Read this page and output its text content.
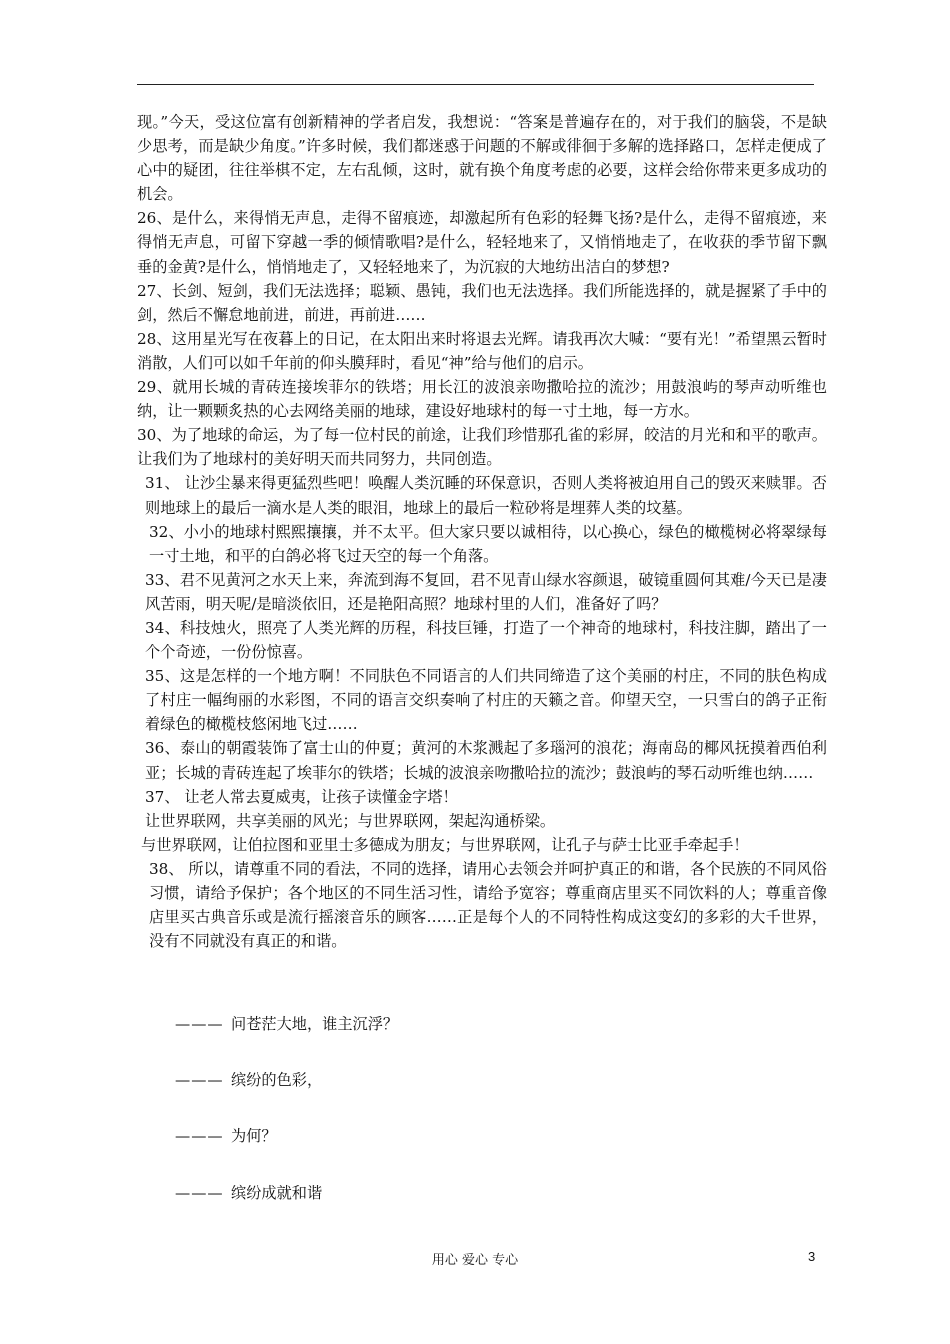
现。”今天，受这位富有创新精神的学者启发，我想说：“答案是普遍存在的，对于我们的脑袋，不是缺少思考，而是缺少角度。”许多时候，我们都迷惑于问题的不解或徘徊于多解的选择路口，怎样走便成了心中的疑团，往往举棋不定，左右乱倾，这时，就有换个角度考虑的必要，这样会给你带来更多成功的机会。

26、是什么，来得悄无声息，走得不留痕迹，却激起所有色彩的轻舞飞扬?是什么，走得不留痕迹，来得悄无声息，可留下穿越一季的倾情歌唱?是什么，轻轻地来了，又悄悄地走了，在收获的季节留下飘垂的金黄?是什么，悄悄地走了，又轻轻地来了，为沉寂的大地纺出洁白的梦想?

27、长剑、短剑，我们无法选择；聪颖、愚钝，我们也无法选择。我们所能选择的，就是握紧了手中的剑，然后不懈怠地前进，前进，再前进……

28、这用星光写在夜暮上的日记，在太阳出来时将退去光辉。请我再次大喊：“要有光！”希望黑云暂时消散，人们可以如千年前的仰头膜拜时，看见“神”给与他们的启示。

29、就用长城的青砖连接埃菲尔的铁塔；用长江的波浪亲吻撒哈拉的流沙；用鼓浪屿的琴声动听维也纳，让一颗颗炙热的心去网络美丽的地球，建设好地球村的每一寸土地，每一方水。

30、为了地球的命运，为了每一位村民的前途，让我们珍惜那孔雀的彩屏，皎洁的月光和和平的歌声。让我们为了地球村的美好明天而共同努力，共同创造。

31、 让沙尘暴来得更猛烈些吧！唤醒人类沉睡的环保意识，否则人类将被迫用自己的毁灭来赎罪。否则地球上的最后一滴水是人类的眼泪，地球上的最后一粒砂将是埋葬人类的坟墓。

32、小小的地球村熙熙攘攘，并不太平。但大家只要以诚相待，以心换心，绿色的橄榄树必将翠绿每一寸土地，和平的白鸽必将飞过天空的每一个角落。

33、君不见黄河之水天上来，奔流到海不复回，君不见青山绿水容颜退，破镜重圆何其难/今天已是凄风苦雨，明天呢/是暗淡依旧，还是艳阳高照？地球村里的人们，准备好了吗？

34、科技烛火，照亮了人类光辉的历程，科技巨锤，打造了一个神奇的地球村，科技注脚，踏出了一个个奇迹，一份份惊喜。

35、这是怎样的一个地方啊！不同肤色不同语言的人们共同缔造了这个美丽的村庄，不同的肤色构成了村庄一幅绚丽的水彩图，不同的语言交织奏响了村庄的天籁之音。仰望天空，一只雪白的鸽子正衔着绿色的橄榄枝悠闲地飞过……

36、泰山的朝霞装饰了富士山的仲夏；黄河的木浆溅起了多瑙河的浪花；海南岛的椰风抚摸着西伯利亚；长城的青砖连起了埃菲尔的铁塔；长城的波浪亲吻撒哈拉的流沙；鼓浪屿的琴石动听维也纳……

37、 让老人常去夏威夷，让孩子读懂金字塔！

让世界联网，共享美丽的风光；与世界联网，架起沟通桥梁。

与世界联网，让伯拉图和亚里士多德成为朋友；与世界联网，让孔子与萨士比亚手牵起手！

38、 所以，请尊重不同的看法，不同的选择，请用心去领会并呵护真正的和谐，各个民族的不同风俗习惯，请给予保护；各个地区的不同生活习性，请给予宽容；尊重商店里买不同饮料的人；尊重音像店里买古典音乐或是流行摇滚音乐的顾客……正是每个人的不同特性构成这变幻的多彩的大千世界，没有不同就没有真正的和谐。

——— 问苍茫大地，谁主沉浮？
——— 缤纷的色彩，
——— 为何？
——— 缤纷成就和谐
用心 爱心 专心	3
